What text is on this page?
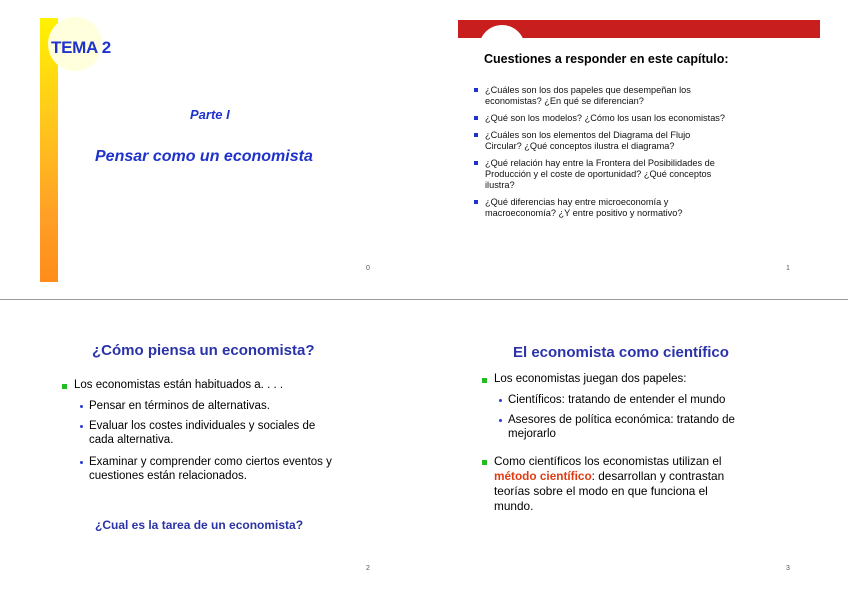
TEMA 2
Parte I
Pensar como un economista
0
Cuestiones a responder en este capítulo:
¿Cuáles son los dos papeles que desempeñan los
economistas? ¿En qué se diferencian?
¿Qué son los modelos? ¿Cómo los usan los economistas?
¿Cuáles son los elementos del Diagrama del Flujo
Circular? ¿Qué conceptos ilustra el diagrama?
¿Qué relación hay entre la Frontera del Posibilidades de
Producción y el coste de oportunidad? ¿Qué conceptos
ilustra?
¿Qué diferencias hay entre microeconomía y
macroeconomía? ¿Y entre positivo y normativo?
1
¿Cómo piensa un economista?
Los economistas están habituados a. . . .
Pensar en términos de alternativas.
Evaluar los costes individuales y sociales de
cada alternativa.
Examinar y comprender como ciertos eventos y
cuestiones están relacionados.
¿Cual es la tarea de un economista?
2
El economista como científico
Los economistas juegan dos papeles:
Científicos: tratando de entender el mundo
Asesores de política económica: tratando de
mejorarlo
Como científicos los economistas utilizan el
método científico: desarrollan y contrastan
teorías sobre el modo en que funciona el
mundo.
3
